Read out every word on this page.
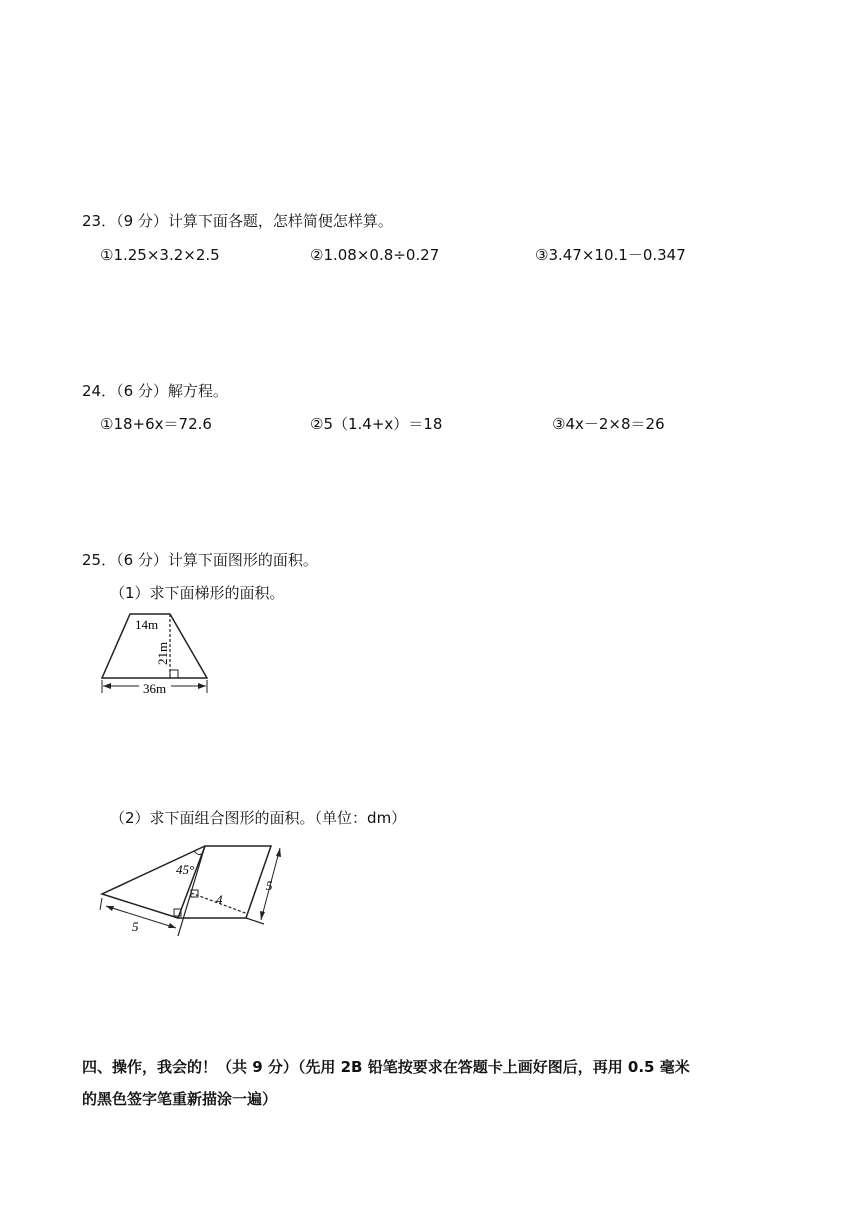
23．（9 分）计算下面各题，怎样简便怎样算。
①1.25×3.2×2.5	②1.08×0.8÷0.27	③3.47×10.1－0.347
24．（6 分）解方程。
①18+6x＝72.6	②5（1.4+x）＝18	③4x－2×8＝26
25．（6 分）计算下面图形的面积。
（1）求下面梯形的面积。
14m
21m
36m
（2）求下面组合图形的面积。（单位：dm）
45°
4
5
5
四、操作，我会的！（共 9 分）（先用 2B 铅笔按要求在答题卡上画好图后，再用 0.5 毫米
的黑色签字笔重新描涂一遍）
